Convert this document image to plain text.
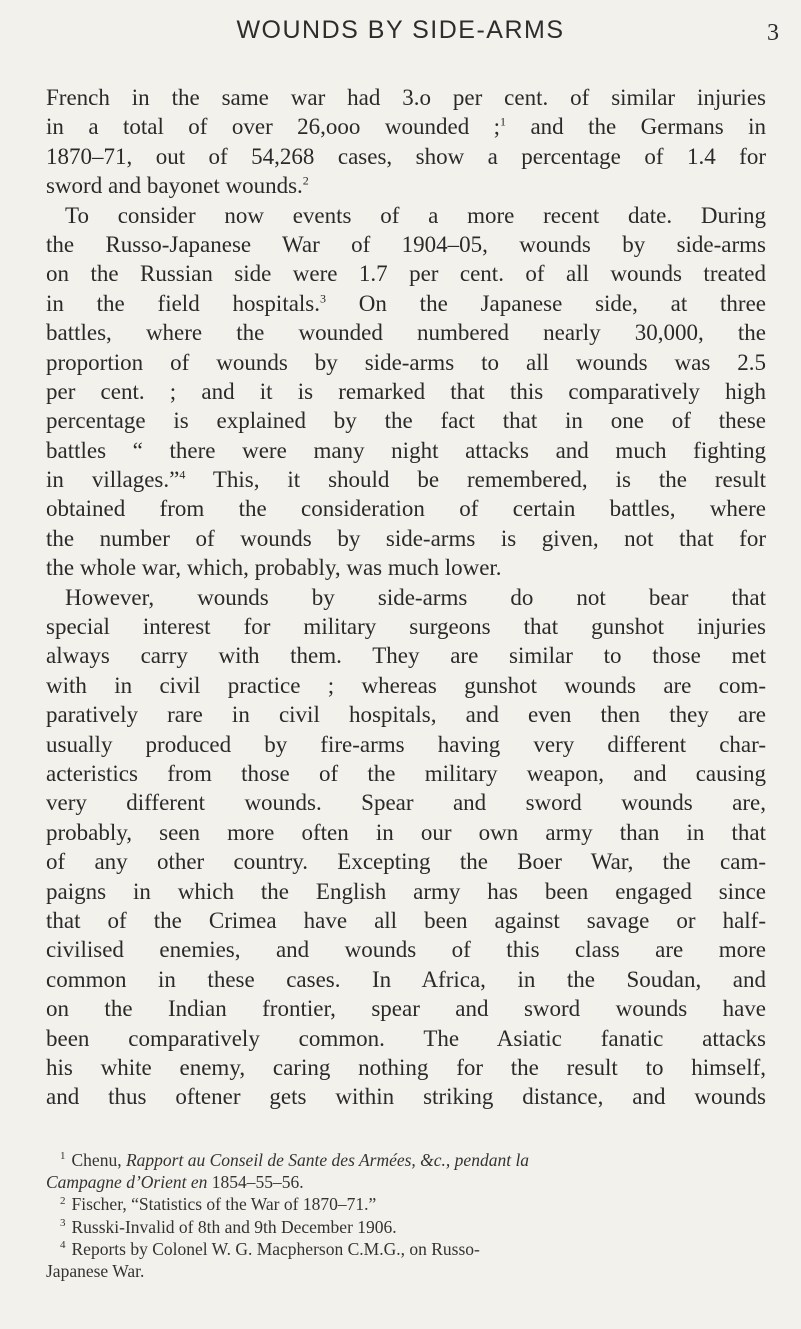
WOUNDS BY SIDE-ARMS	3
French in the same war had 3.o per cent. of similar injuries
in a total of over 26,ooo wounded ;$^1$ and the Germans in
1870–71, out of 54,268 cases, show a percentage of 1.4 for
sword and bayonet wounds.$^2$
To consider now events of a more recent date. During
the Russo-Japanese War of 1904–05, wounds by side-arms
on the Russian side were 1.7 per cent. of all wounds treated
in the field hospitals.$^3$ On the Japanese side, at three
battles, where the wounded numbered nearly 30,000, the
proportion of wounds by side-arms to all wounds was 2.5
per cent. ; and it is remarked that this comparatively high
percentage is explained by the fact that in one of these
battles “ there were many night attacks and much fighting
in villages.”$^4$ This, it should be remembered, is the result
obtained from the consideration of certain battles, where
the number of wounds by side-arms is given, not that for
the whole war, which, probably, was much lower.
However, wounds by side-arms do not bear that
special interest for military surgeons that gunshot injuries
always carry with them. They are similar to those met
with in civil practice ; whereas gunshot wounds are com-
paratively rare in civil hospitals, and even then they are
usually produced by fire-arms having very different char-
acteristics from those of the military weapon, and causing
very different wounds. Spear and sword wounds are,
probably, seen more often in our own army than in that
of any other country. Excepting the Boer War, the cam-
paigns in which the English army has been engaged since
that of the Crimea have all been against savage or half-
civilised enemies, and wounds of this class are more
common in these cases. In Africa, in the Soudan, and
on the Indian frontier, spear and sword wounds have
been comparatively common. The Asiatic fanatic attacks
his white enemy, caring nothing for the result to himself,
and thus oftener gets within striking distance, and wounds
$^1$ Chenu, Rapport au Conseil de Sante des Armées, &c., pendant la
Campagne d’Orient en 1854–55–56.
$^2$ Fischer, “Statistics of the War of 1870–71.”
$^3$ Russki-Invalid of 8th and 9th December 1906.
$^4$ Reports by Colonel W. G. Macpherson C.M.G., on Russo-
Japanese War.
